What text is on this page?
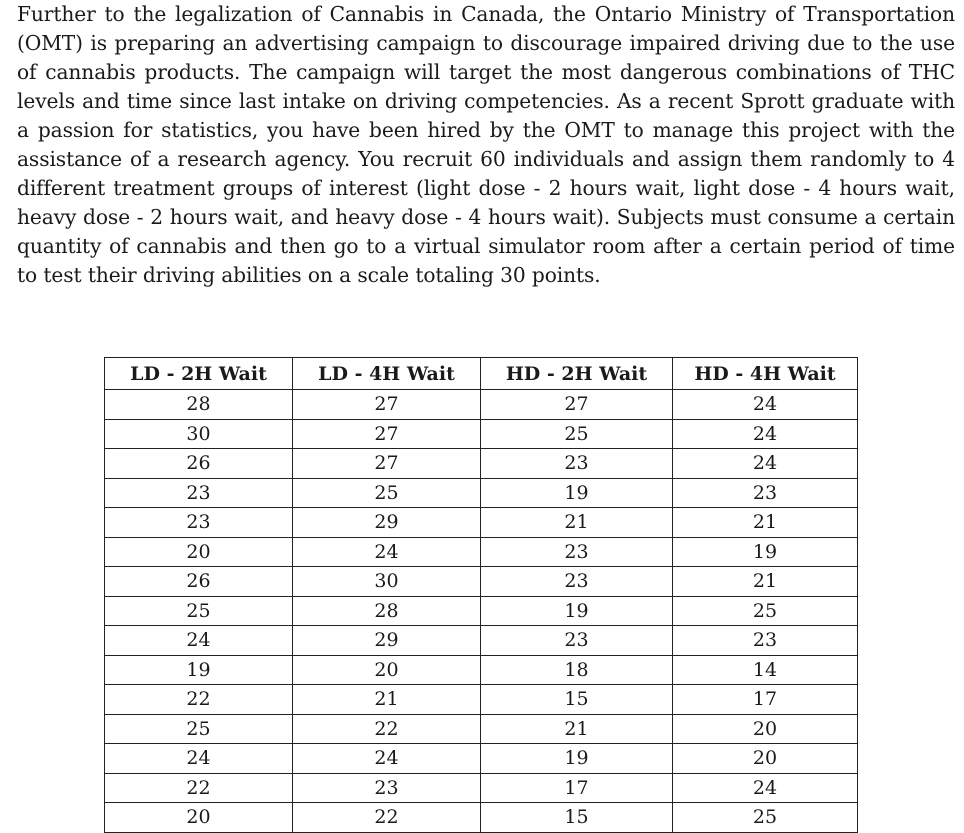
Further to the legalization of Cannabis in Canada, the Ontario Ministry of Transportation (OMT) is preparing an advertising campaign to discourage impaired driving due to the use of cannabis products. The campaign will target the most dangerous combinations of THC levels and time since last intake on driving competencies. As a recent Sprott graduate with a passion for statistics, you have been hired by the OMT to manage this project with the assistance of a research agency. You recruit 60 individuals and assign them randomly to 4 different treatment groups of interest (light dose - 2 hours wait, light dose - 4 hours wait, heavy dose - 2 hours wait, and heavy dose - 4 hours wait). Subjects must consume a certain quantity of cannabis and then go to a virtual simulator room after a certain period of time to test their driving abilities on a scale totaling 30 points.

LD - 2H Wait	LD - 4H Wait	HD - 2H Wait	HD - 4H Wait
28	27	27	24
30	27	25	24
26	27	23	24
23	25	19	23
23	29	21	21
20	24	23	19
26	30	23	21
25	28	19	25
24	29	23	23
19	20	18	14
22	21	15	17
25	22	21	20
24	24	19	20
22	23	17	24
20	22	15	25
